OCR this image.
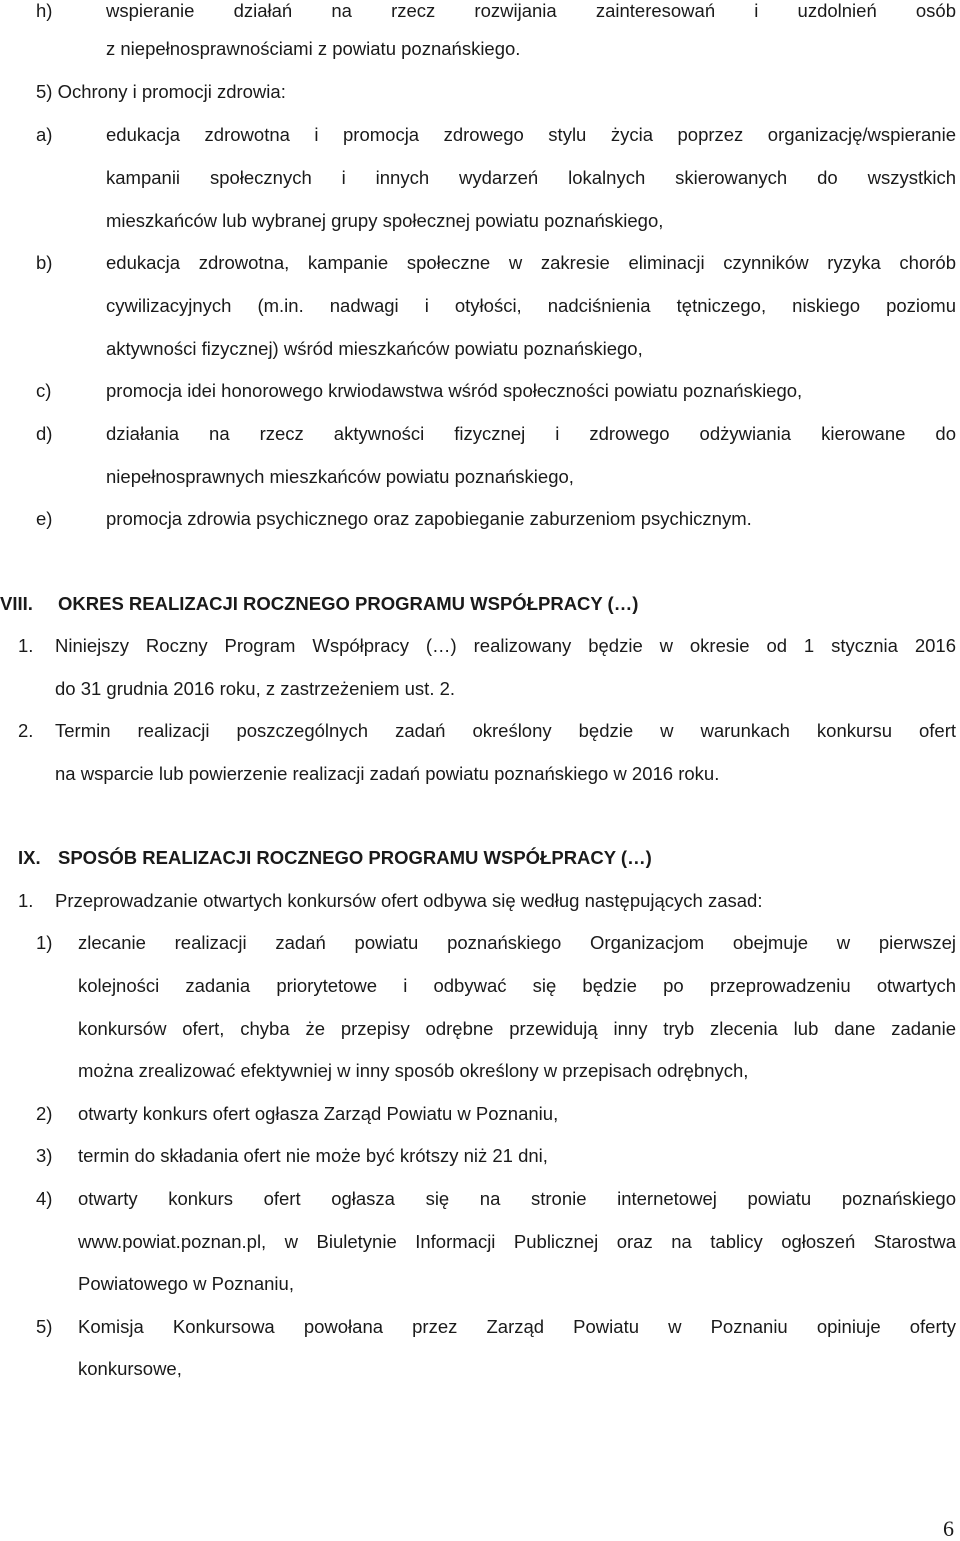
h)	wspieranie działań na rzecz rozwijania zainteresowań i uzdolnień osób
z niepełnosprawnościami z powiatu poznańskiego.
5) Ochrony i promocji zdrowia:
a)	edukacja zdrowotna i promocja zdrowego stylu życia poprzez organizację/wspieranie
kampanii społecznych i innych wydarzeń lokalnych skierowanych do wszystkich
mieszkańców lub wybranej grupy społecznej powiatu poznańskiego,
b)	edukacja zdrowotna, kampanie społeczne w zakresie eliminacji czynników ryzyka chorób
cywilizacyjnych (m.in. nadwagi i otyłości, nadciśnienia tętniczego, niskiego poziomu
aktywności fizycznej) wśród mieszkańców powiatu poznańskiego,
c)	promocja idei honorowego krwiodawstwa wśród społeczności powiatu poznańskiego,
d)	działania na rzecz aktywności fizycznej i zdrowego odżywiania kierowane do
niepełnosprawnych mieszkańców powiatu poznańskiego,
e)	promocja zdrowia psychicznego oraz zapobieganie zaburzeniom psychicznym.
VIII. OKRES REALIZACJI ROCZNEGO PROGRAMU WSPÓŁPRACY (…)
1. Niniejszy Roczny Program Współpracy (…) realizowany będzie w okresie od 1 stycznia 2016
do 31 grudnia 2016 roku, z zastrzeżeniem ust. 2.
2. Termin realizacji poszczególnych zadań określony będzie w warunkach konkursu ofert
na wsparcie lub powierzenie realizacji zadań powiatu poznańskiego w 2016 roku.
IX. SPOSÓB REALIZACJI ROCZNEGO PROGRAMU WSPÓŁPRACY (…)
1. Przeprowadzanie otwartych konkursów ofert odbywa się według następujących zasad:
1) zlecanie realizacji zadań powiatu poznańskiego Organizacjom obejmuje w pierwszej
kolejności zadania priorytetowe i odbywać się będzie po przeprowadzeniu otwartych
konkursów ofert, chyba że przepisy odrębne przewidują inny tryb zlecenia lub dane zadanie
można zrealizować efektywniej w inny sposób określony w przepisach odrębnych,
2) otwarty konkurs ofert ogłasza Zarząd Powiatu w Poznaniu,
3) termin do składania ofert nie może być krótszy niż 21 dni,
4) otwarty konkurs ofert ogłasza się na stronie internetowej powiatu poznańskiego
www.powiat.poznan.pl, w Biuletynie Informacji Publicznej oraz na tablicy ogłoszeń Starostwa
Powiatowego w Poznaniu,
5) Komisja Konkursowa powołana przez Zarząd Powiatu w Poznaniu opiniuje oferty
konkursowe,
6
